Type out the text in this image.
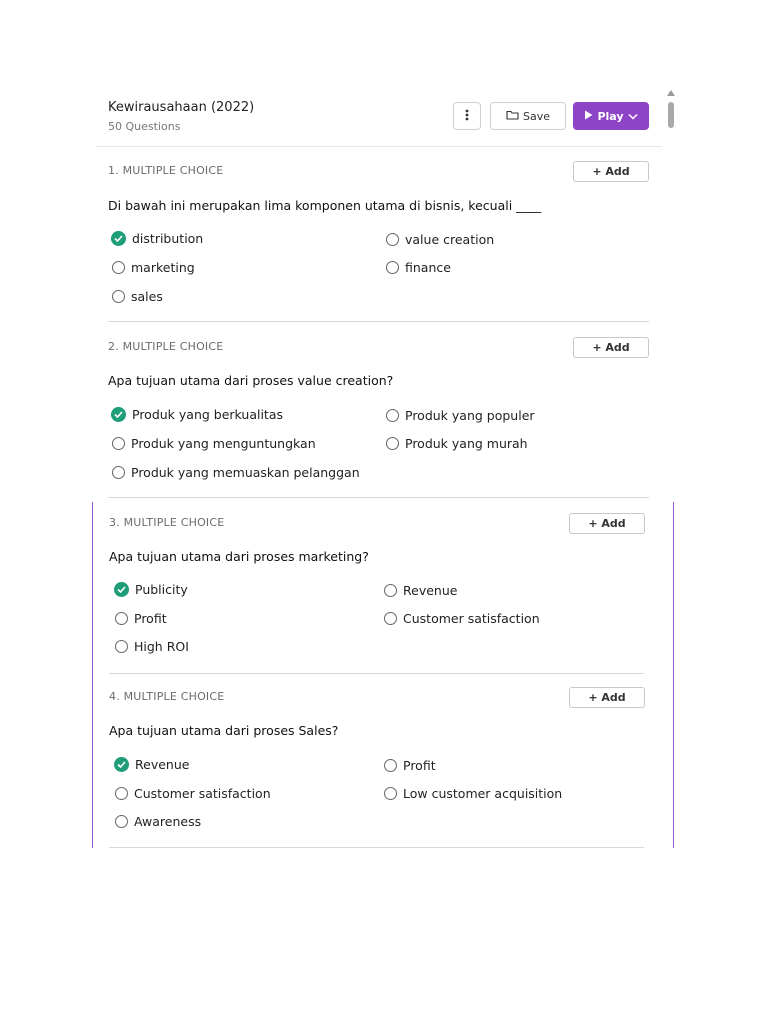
Kewirausahaan (2022)
50 Questions
Save	Play
1. MULTIPLE CHOICE	+ Add
Di bawah ini merupakan lima komponen utama di bisnis, kecuali ____
distribution	value creation
marketing	finance
sales
2. MULTIPLE CHOICE	+ Add
Apa tujuan utama dari proses value creation?
Produk yang berkualitas	Produk yang populer
Produk yang menguntungkan	Produk yang murah
Produk yang memuaskan pelanggan
3. MULTIPLE CHOICE	+ Add
Apa tujuan utama dari proses marketing?
Publicity	Revenue
Profit	Customer satisfaction
High ROI
4. MULTIPLE CHOICE	+ Add
Apa tujuan utama dari proses Sales?
Revenue	Profit
Customer satisfaction	Low customer acquisition
Awareness
